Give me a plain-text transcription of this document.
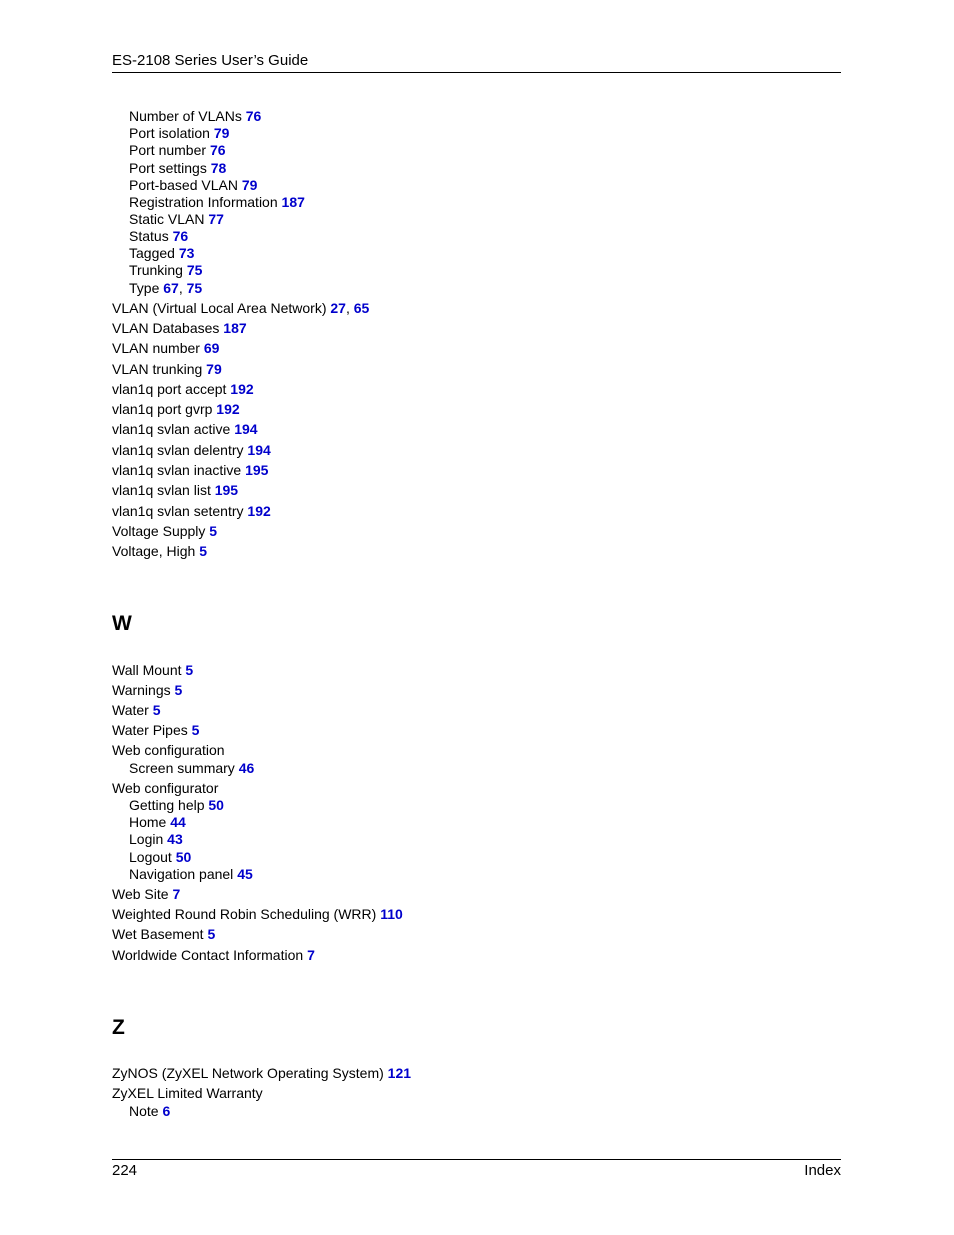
ES-2108 Series User’s Guide
Number of VLANs 76
Port isolation 79
Port number 76
Port settings 78
Port-based VLAN 79
Registration Information 187
Static VLAN 77
Status 76
Tagged 73
Trunking 75
Type 67, 75
VLAN (Virtual Local Area Network) 27, 65
VLAN Databases 187
VLAN number 69
VLAN trunking 79
vlan1q port accept 192
vlan1q port gvrp 192
vlan1q svlan active 194
vlan1q svlan delentry 194
vlan1q svlan inactive 195
vlan1q svlan list 195
vlan1q svlan setentry 192
Voltage Supply 5
Voltage, High 5
W
Wall Mount 5
Warnings 5
Water 5
Water Pipes 5
Web configuration
Screen summary 46
Web configurator
Getting help 50
Home 44
Login 43
Logout 50
Navigation panel 45
Web Site 7
Weighted Round Robin Scheduling (WRR) 110
Wet Basement 5
Worldwide Contact Information 7
Z
ZyNOS (ZyXEL Network Operating System) 121
ZyXEL Limited Warranty
Note 6
224	Index
